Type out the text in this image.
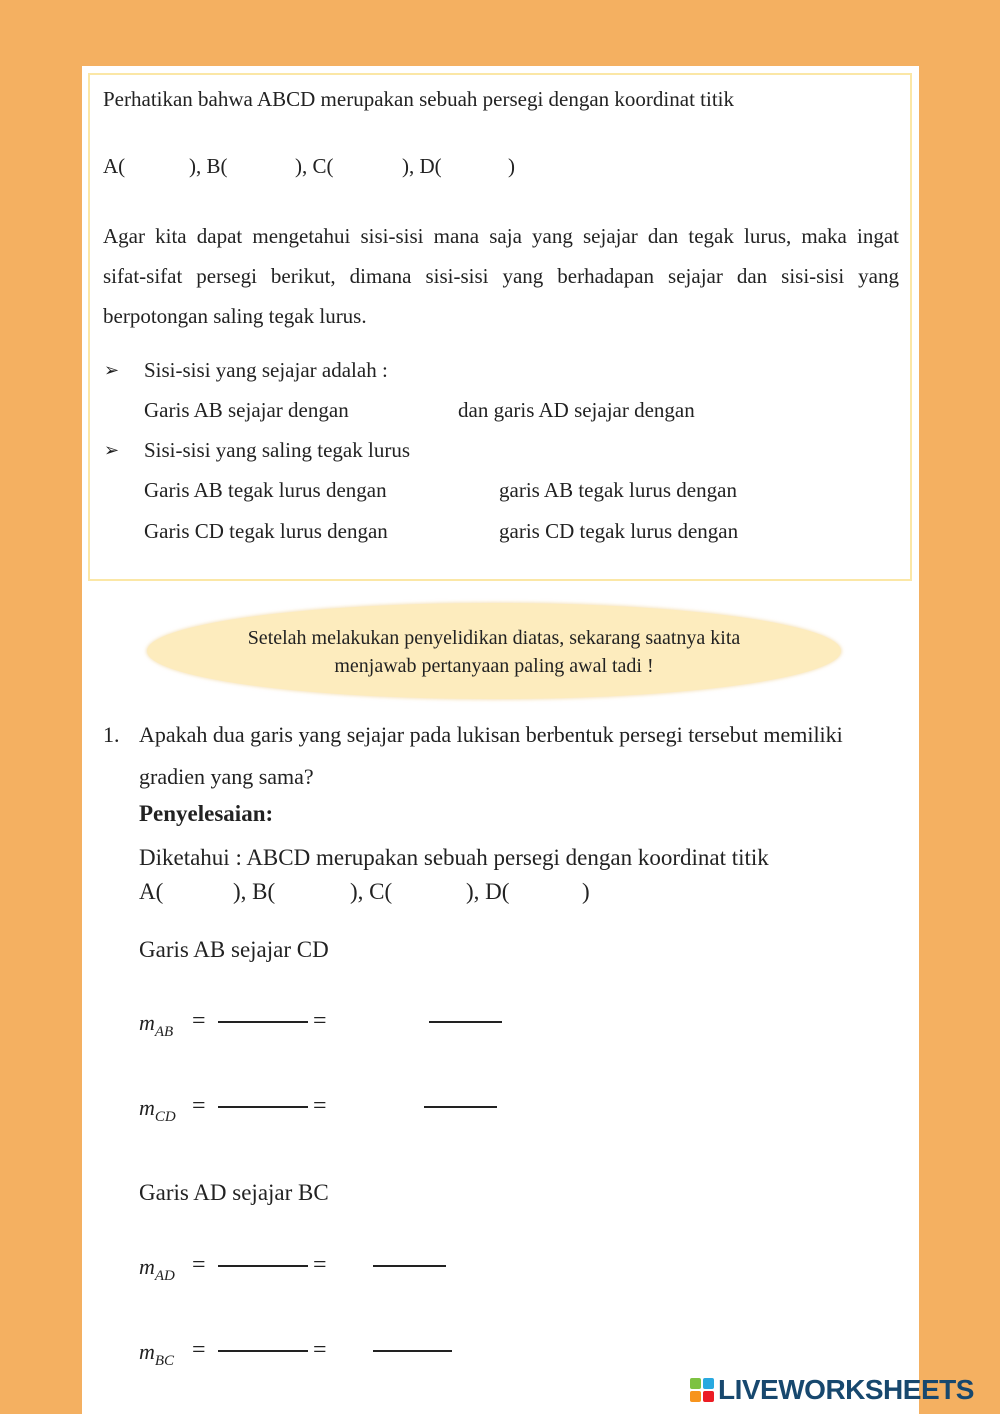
Perhatikan bahwa ABCD merupakan sebuah persegi dengan koordinat titik
A(	), B(	), C(	), D(	)
Agar kita dapat mengetahui sisi-sisi mana saja yang sejajar dan tegak lurus, maka ingat
sifat-sifat persegi berikut, dimana sisi-sisi yang berhadapan sejajar dan sisi-sisi yang
berpotongan saling tegak lurus.
➢ Sisi-sisi yang sejajar adalah :
Garis AB sejajar dengan	dan garis AD sejajar dengan
➢ Sisi-sisi yang saling tegak lurus
Garis AB tegak lurus dengan	garis AB tegak lurus dengan
Garis CD tegak lurus dengan	garis CD tegak lurus dengan
Setelah melakukan penyelidikan diatas, sekarang saatnya kita
menjawab pertanyaan paling awal tadi !
1. Apakah dua garis yang sejajar pada lukisan berbentuk persegi tersebut memiliki
gradien yang sama?
Penyelesaian:
Diketahui : ABCD merupakan sebuah persegi dengan koordinat titik
A(	), B(	), C(	), D(	)
Garis AB sejajar CD
$m_{AB}$ =	=
$m_{CD}$ =	=
Garis AD sejajar BC
$m_{AD}$ =	=
$m_{BC}$ =	=
LIVEWORKSHEETS
